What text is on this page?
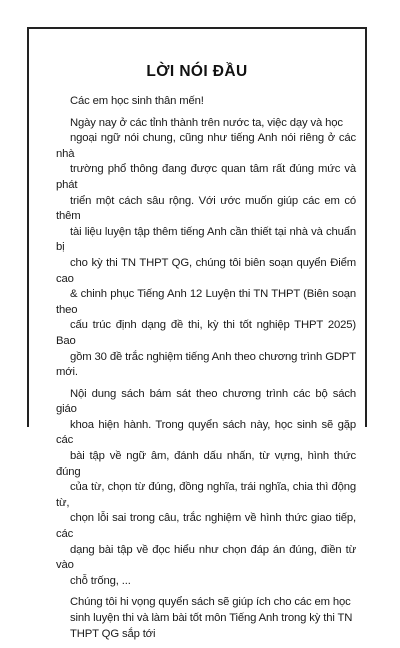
LỜI NÓI ĐẦU

Các em học sinh thân mến!

Ngày nay ở các tỉnh thành trên nước ta, việc dạy và học
ngoại ngữ nói chung, cũng như tiếng Anh nói riêng ở các nhà
trường phổ thông đang được quan tâm rất đúng mức và phát
triển một cách sâu rộng. Với ước muốn giúp các em có thêm
tài liệu luyện tập thêm tiếng Anh cần thiết tại nhà và chuẩn bị
cho kỳ thi TN THPT QG, chúng tôi biên soạn quyển Điểm cao
& chinh phục Tiếng Anh 12 Luyện thi TN THPT (Biên soạn theo
cấu trúc định dạng đề thi, kỳ thi tốt nghiệp THPT 2025) Bao
gồm 30 đề trắc nghiệm tiếng Anh theo chương trình GDPT mới.

Nội dung sách bám sát theo chương trình các bộ sách giáo
khoa hiện hành. Trong quyển sách này, học sinh sẽ gặp các
bài tập về ngữ âm, đánh dấu nhấn, từ vựng, hình thức đúng
của từ, chọn từ đúng, đồng nghĩa, trái nghĩa, chia thì động từ,
chọn lỗi sai trong câu, trắc nghiệm về hình thức giao tiếp, các
dạng bài tập về đọc hiểu như chọn đáp án đúng, điền từ vào
chỗ trống, ...

Chúng tôi hi vọng quyển sách sẽ giúp ích cho các em học
sinh luyện thi và làm bài tốt môn Tiếng Anh trong kỳ thi TN
THPT QG sắp tới
